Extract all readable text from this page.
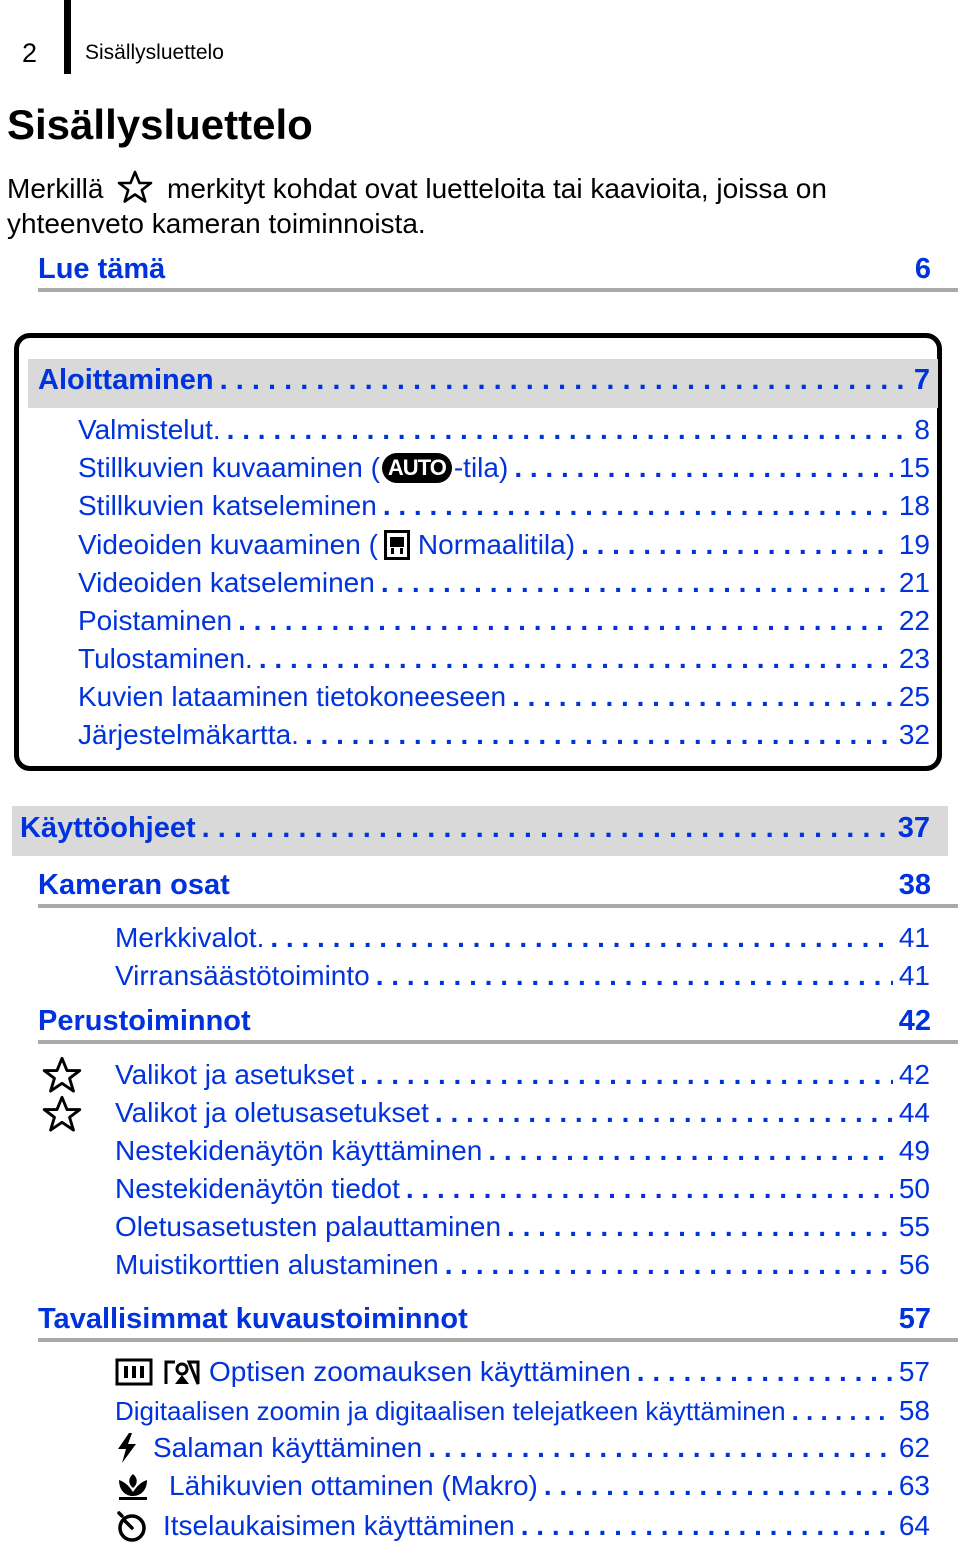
2 Sisällysluettelo
Sisällysluettelo
Merkillä merkityt kohdat ovat luetteloita tai kaavioita, joissa on yhteenveto kameran toiminnoista.
Lue tämä	6
Aloittaminen . . .	7
Valmistelut. . . .	8
Stillkuvien kuvaaminen ( AUTO -tila) . . .	15
Stillkuvien katseleminen . . .	18
Videoiden kuvaaminen ( Normaalitila) . . .	19
Videoiden katseleminen . . .	21
Poistaminen . . .	22
Tulostaminen. . . .	23
Kuvien lataaminen tietokoneeseen . . .	25
Järjestelmäkartta. . . .	32
Käyttöohjeet . . .	37
Kameran osat	38
Merkkivalot. . . .	41
Virransäästötoiminto . . .	41
Perustoiminnot	42
Valikot ja asetukset . . .	42
Valikot ja oletusasetukset . . .	44
Nestekidenäytön käyttäminen . . .	49
Nestekidenäytön tiedot . . .	50
Oletusasetusten palauttaminen . . .	55
Muistikorttien alustaminen . . .	56
Tavallisimmat kuvaustoiminnot	57
Optisen zoomauksen käyttäminen . . .	57
Digitaalisen zoomin ja digitaalisen telejatkeen käyttäminen . . .	58
Salaman käyttäminen . . .	62
Lähikuvien ottaminen (Makro) . . .	63
Itselaukaisimen käyttäminen . . .	64
